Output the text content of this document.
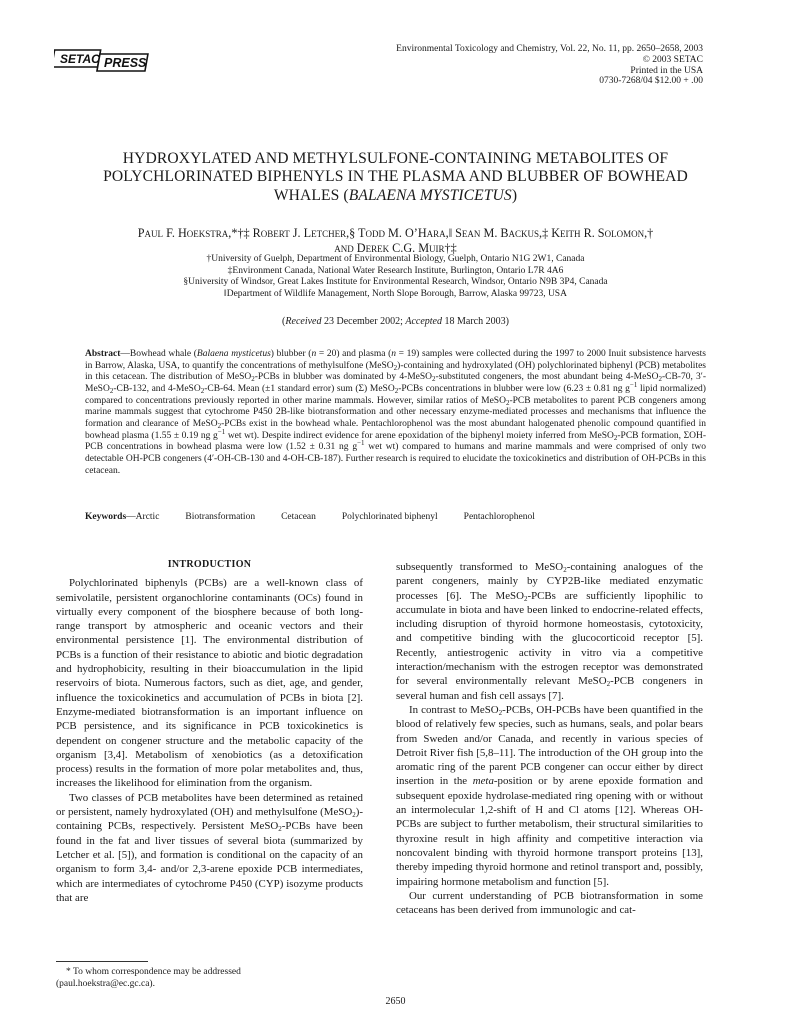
SETAC PRESS
Environmental Toxicology and Chemistry, Vol. 22, No. 11, pp. 2650–2658, 2003
© 2003 SETAC
Printed in the USA
0730-7268/04 $12.00 + .00
HYDROXYLATED AND METHYLSULFONE-CONTAINING METABOLITES OF
POLYCHLORINATED BIPHENYLS IN THE PLASMA AND BLUBBER OF BOWHEAD
WHALES (BALAENA MYSTICETUS)
Paul F. Hoekstra,*†‡ Robert J. Letcher,§ Todd M. O’Hara,‖ Sean M. Backus,‡ Keith R. Solomon,†
and Derek C.G. Muir†‡
†University of Guelph, Department of Environmental Biology, Guelph, Ontario N1G 2W1, Canada
‡Environment Canada, National Water Research Institute, Burlington, Ontario L7R 4A6
§University of Windsor, Great Lakes Institute for Environmental Research, Windsor, Ontario N9B 3P4, Canada
‖Department of Wildlife Management, North Slope Borough, Barrow, Alaska 99723, USA
(Received 23 December 2002; Accepted 18 March 2003)
Abstract—Bowhead whale (Balaena mysticetus) blubber (n = 20) and plasma (n = 19) samples were collected during the 1997 to 2000 Inuit subsistence harvests in Barrow, Alaska, USA, to quantify the concentrations of methylsulfone (MeSO$_2$)-containing and hydroxylated (OH) polychlorinated biphenyl (PCB) metabolites in this cetacean. The distribution of MeSO$_2$-PCBs in blubber was dominated by 4-MeSO$_2$-substituted congeners, the most abundant being 4-MeSO$_2$-CB-70, 3′-MeSO$_2$-CB-132, and 4-MeSO$_2$-CB-64. Mean (±1 standard error) sum (Σ) MeSO$_2$-PCBs concentrations in blubber were low (6.23 ± 0.81 ng $g^{-1}$ lipid normalized) compared to concentrations previously reported in other marine mammals. However, similar ratios of MeSO$_2$-PCB metabolites to parent PCB congeners among marine mammals suggest that cytochrome P450 2B-like biotransformation and other necessary enzyme-mediated processes and mechanisms that influence the formation and clearance of MeSO$_2$-PCBs exist in the bowhead whale. Pentachlorophenol was the most abundant halogenated phenolic compound quantified in bowhead plasma (1.55 ± 0.19 ng $g^{-1}$ wet wt). Despite indirect evidence for arene epoxidation of the biphenyl moiety inferred from MeSO$_2$-PCB formation, ΣOH-PCB concentrations in bowhead plasma were low (1.52 ± 0.31 ng $g^{-1}$ wet wt) compared to humans and marine mammals and were comprised of only two detectable OH-PCB congeners (4′-OH-CB-130 and 4-OH-CB-187). Further research is required to elucidate the toxicokinetics and distribution of OH-PCBs in this cetacean.
Keywords—Arctic	Biotransformation	Cetacean	Polychlorinated biphenyl	Pentachlorophenol
INTRODUCTION

Polychlorinated biphenyls (PCBs) are a well-known class of semivolatile, persistent organochlorine contaminants (OCs) found in virtually every component of the biosphere because of both long-range transport by atmospheric and oceanic vectors and their environmental persistence [1]. The environmental distribution of PCBs is a function of their resistance to abiotic and biotic degradation and hydrophobicity, resulting in their bioaccumulation in the lipid reservoirs of biota. Numerous factors, such as diet, age, and gender, influence the toxicokinetics and accumulation of PCBs in biota [2]. Enzyme-mediated biotransformation is an important influence on PCB persistence, and its significance in PCB toxicokinetics is dependent on congener structure and the metabolic capacity of the organism [3,4]. Metabolism of xenobiotics (as a detoxification process) results in the formation of more polar metabolites and, thus, increases the likelihood for elimination from the organism.

Two classes of PCB metabolites have been determined as retained or persistent, namely hydroxylated (OH) and methylsulfone (MeSO$_2$)-containing PCBs, respectively. Persistent MeSO$_2$-PCBs have been found in the fat and liver tissues of several biota (summarized by Letcher et al. [5]), and formation is conditional on the capacity of an organism to form 3,4- and/or 2,3-arene epoxide PCB intermediates, which are intermediates of cytochrome P450 (CYP) isozyme products that are

subsequently transformed to MeSO$_2$-containing analogues of the parent congeners, mainly by CYP2B-like mediated enzymatic processes [6]. The MeSO$_2$-PCBs are sufficiently lipophilic to accumulate in biota and have been linked to endocrine-related effects, including disruption of thyroid hormone homeostasis, cytotoxicity, and competitive binding with the glucocorticoid receptor [5]. Recently, antiestrogenic activity in vitro via a competitive interaction/mechanism with the estrogen receptor was demonstrated for several environmentally relevant MeSO$_2$-PCB congeners in several human and fish cell assays [7].

In contrast to MeSO$_2$-PCBs, OH-PCBs have been quantified in the blood of relatively few species, such as humans, seals, and polar bears from Sweden and/or Canada, and recently in various species of Detroit River fish [5,8–11]. The introduction of the OH group into the aromatic ring of the parent PCB congener can occur either by direct insertion in the meta-position or by arene epoxide formation and subsequent epoxide hydrolase-mediated ring opening with or without an intermolecular 1,2-shift of H and Cl atoms [12]. Whereas OH-PCBs are subject to further metabolism, their structural similarities to thyroxine result in high affinity and competitive interaction via noncovalent binding with thyroid hormone transport proteins [13], thereby impeding thyroid hormone and retinol transport and, possibly, impairing hormone metabolism and function [5].

Our current understanding of PCB biotransformation in some cetaceans has been derived from immunologic and cat-

* To whom correspondence may be addressed
(paul.hoekstra@ec.gc.ca).
2650
